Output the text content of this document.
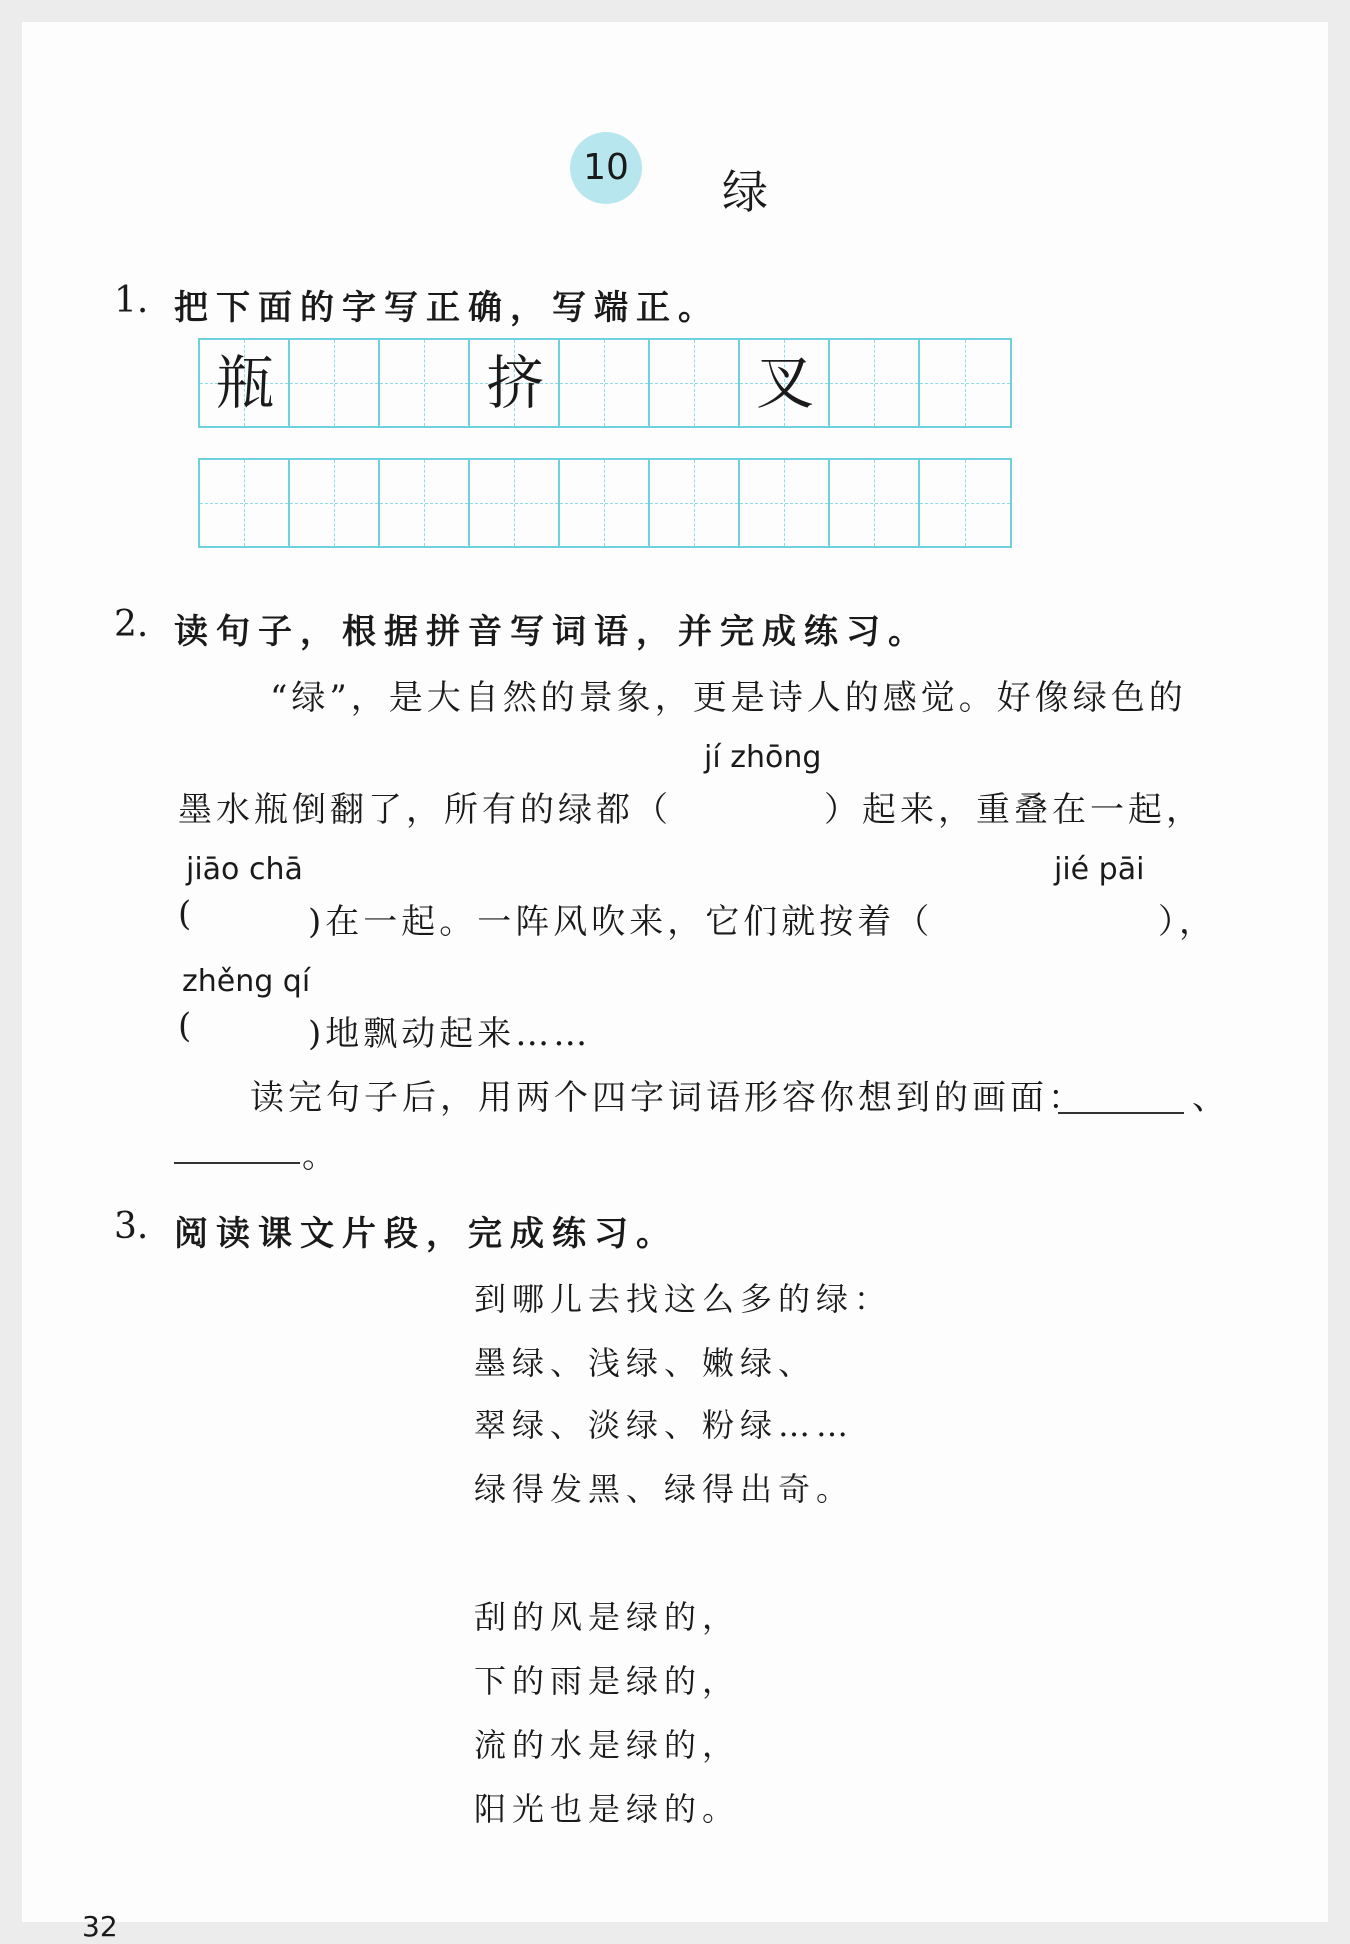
10 绿
1. 把下面的字写正确，写端正。
瓶	挤	叉
2. 读句子，根据拼音写词语，并完成练习。
“绿”，是大自然的景象，更是诗人的感觉。好像绿色的
jí zhōng
墨水瓶倒翻了，所有的绿都（	）起来，重叠在一起，
jiāo chā	jié pāi
(	)在一起。一阵风吹来，它们就按着（	），
zhěng qí
(	)地飘动起来……
读完句子后，用两个四字词语形容你想到的画面：	、
。
3. 阅读课文片段，完成练习。
到哪儿去找这么多的绿：
墨绿、浅绿、嫩绿、
翠绿、淡绿、粉绿……
绿得发黑、绿得出奇。
刮的风是绿的，
下的雨是绿的，
流的水是绿的，
阳光也是绿的。
32
